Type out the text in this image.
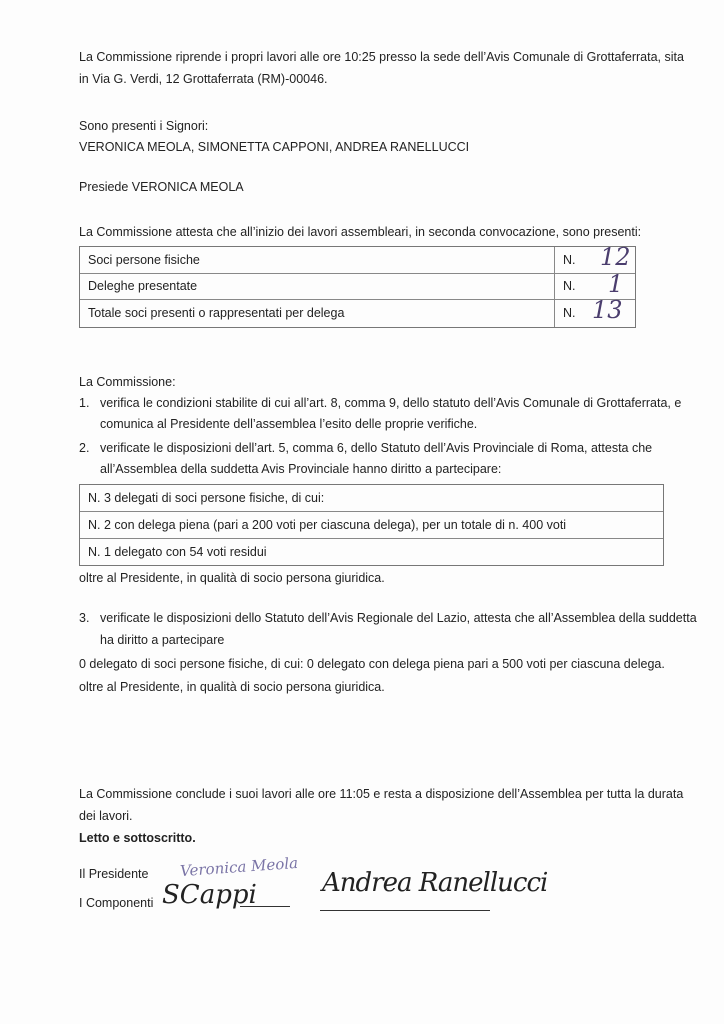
La Commissione riprende i propri lavori alle ore 10:25 presso la sede dell’Avis Comunale di Grottaferrata, sita
in Via G. Verdi, 12 Grottaferrata (RM)-00046.
Sono presenti i Signori:
VERONICA MEOLA, SIMONETTA CAPPONI, ANDREA RANELLUCCI
Presiede VERONICA MEOLA
La Commissione attesta che all’inizio dei lavori assembleari, in seconda convocazione, sono presenti:
Soci persone fisiche	N.	12
Deleghe presentate	N.	1
Totale soci presenti o rappresentati per delega	N. 13
La Commissione:
1. verifica le condizioni stabilite di cui all’art. 8, comma 9, dello statuto dell’Avis Comunale di Grottaferrata, e
comunica al Presidente dell’assemblea l’esito delle proprie verifiche.
2. verificate le disposizioni dell’art. 5, comma 6, dello Statuto dell’Avis Provinciale di Roma, attesta che
all’Assemblea della suddetta Avis Provinciale hanno diritto a partecipare:
N. 3 delegati di soci persone fisiche, di cui:
N. 2 con delega piena (pari a 200 voti per ciascuna delega), per un totale di n. 400 voti
N. 1 delegato con 54 voti residui
oltre al Presidente, in qualità di socio persona giuridica.
3. verificate le disposizioni dello Statuto dell’Avis Regionale del Lazio, attesta che all’Assemblea della suddetta
ha diritto a partecipare
0 delegato di soci persone fisiche, di cui: 0 delegato con delega piena pari a 500 voti per ciascuna delega.
oltre al Presidente, in qualità di socio persona giuridica.
La Commissione conclude i suoi lavori alle ore 11:05 e resta a disposizione dell’Assemblea per tutta la durata
dei lavori.
Letto e sottoscritto.
Il Presidente
I Componenti
Veronica Meola
SCappi	Andrea Ranellucci
